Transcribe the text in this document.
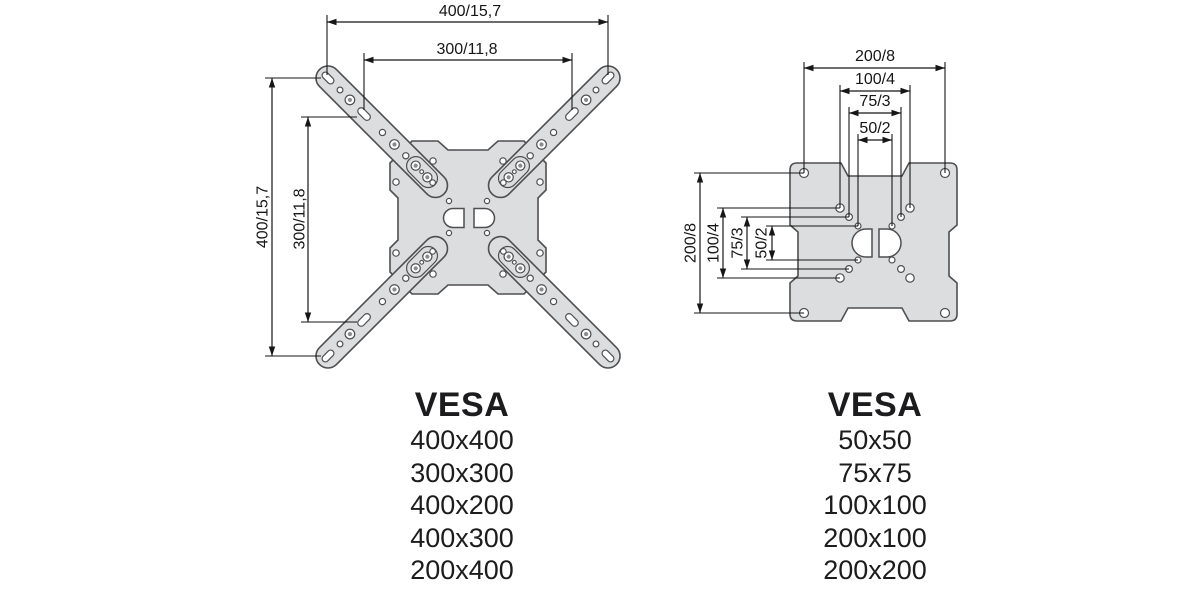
400/15,7
300/11,8
400/15,7 300/11,8
200/8
100/4
75/3
50/2
200/8 100/4 75/3 50/2
VESA
400x400
300x300
400x200
400x300
200x400
VESA
50x50
75x75
100x100
200x100
200x200
